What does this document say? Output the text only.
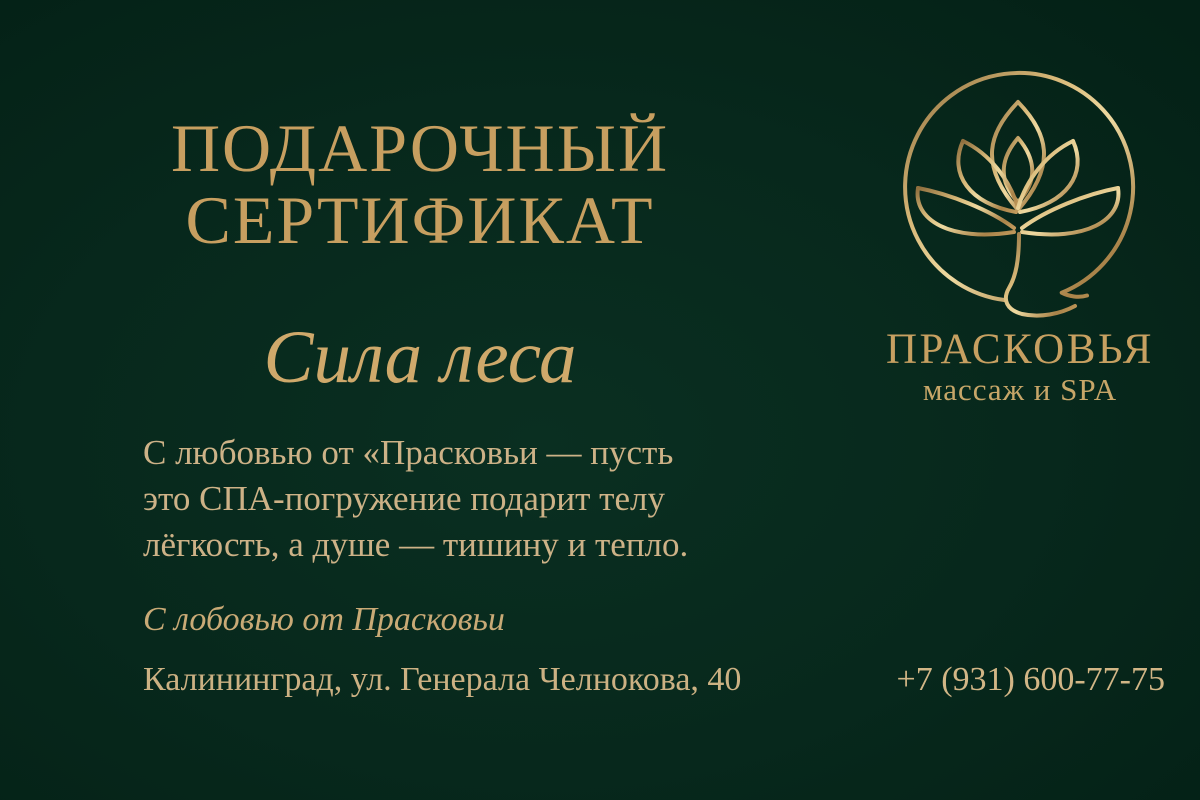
ПОДАРОЧНЫЙ
СЕРТИФИКАТ
Сила леса
С любовью от «Прасковьи — пусть
это СПА-погружение подарит телу
лёгкость, а душе — тишину и тепло.
С лобовью от Прасковьи
Калининград, ул. Генерала Челнокова, 40	+7 (931) 600-77-75
ПРАСКОВЬЯ
массаж и SPA
